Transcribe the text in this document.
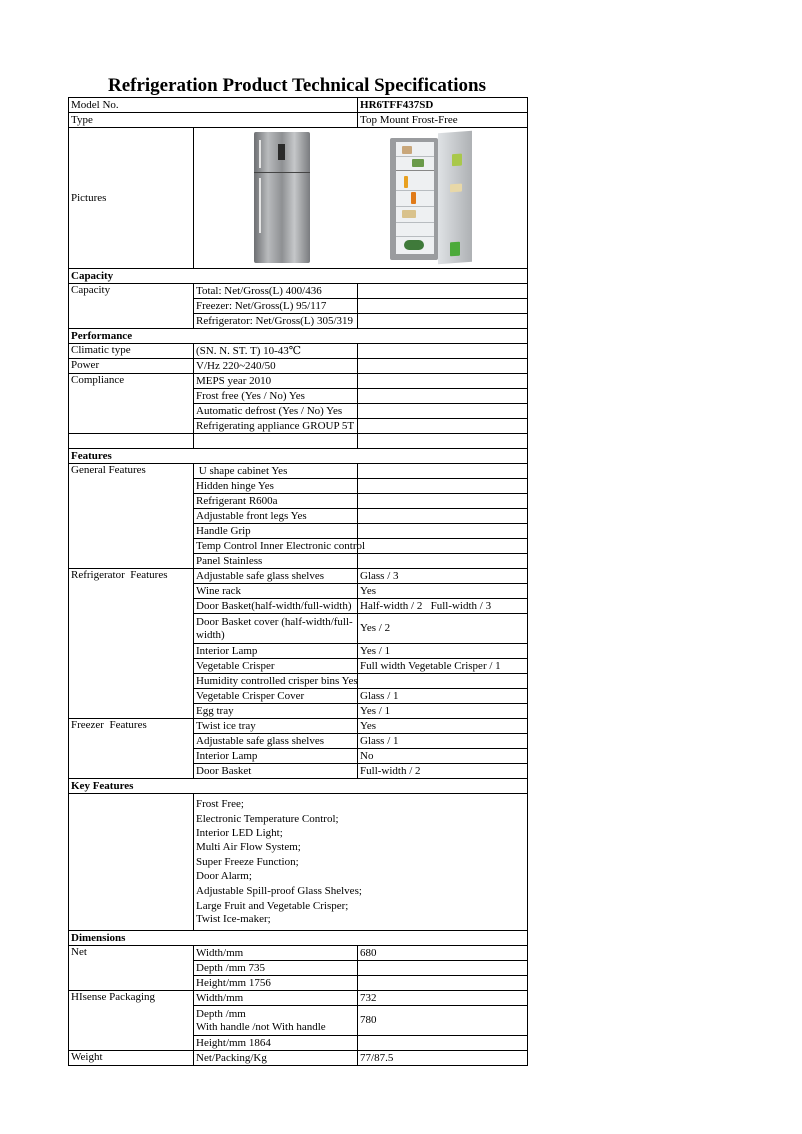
Refrigeration Product Technical Specifications
Model No.		HR6TFF437SD
Type		Top Mount Frost-Free
Pictures		

Capacity		
Capacity	Total: Net/Gross(L) 400/436	
	Freezer: Net/Gross(L) 95/117	
	Refrigerator: Net/Gross(L) 305/319	
Performance		
Climatic type	(SN. N. ST. T) 10-43℃	
Power	V/Hz 220~240/50	
Compliance	MEPS year 2010	
	Frost free (Yes / No) Yes	
	Automatic defrost (Yes / No) Yes	
	Refrigerating appliance GROUP 5T	

Features		
General Features	U shape cabinet Yes	
	Hidden hinge Yes	
	Refrigerant R600a	
	Adjustable front legs Yes	
	Handle Grip	
	Temp Control Inner Electronic control	
	Panel Stainless	
Refrigerator  Features	Adjustable safe glass shelves	Glass / 3
	Wine rack	Yes
	Door Basket(half-width/full-width)	Half-width / 2   Full-width / 3
	Door Basket cover (half-width/full-width)	Yes / 2
	Interior Lamp	Yes / 1
	Vegetable Crisper	Full width Vegetable Crisper / 1
	Humidity controlled crisper bins Yes	
	Vegetable Crisper Cover	Glass / 1
	Egg tray	Yes / 1
Freezer  Features	Twist ice tray	Yes
	Adjustable safe glass shelves	Glass / 1
	Interior Lamp	No
	Door Basket	Full-width / 2
Key Features		

Frost Free;
Electronic Temperature Control;
Interior LED Light;
Multi Air Flow System;
Super Freeze Function;
Door Alarm;
Adjustable Spill-proof Glass Shelves;
Large Fruit and Vegetable Crisper;
Twist Ice-maker;

Dimensions		
Net	Width/mm	680
	Depth /mm 735	
	Height/mm 1756	
HIsense Packaging	Width/mm	732

	Depth /mm
With handle /not With handle	780
	Height/mm 1864	
Weight	Net/Packing/Kg	77/87.5
